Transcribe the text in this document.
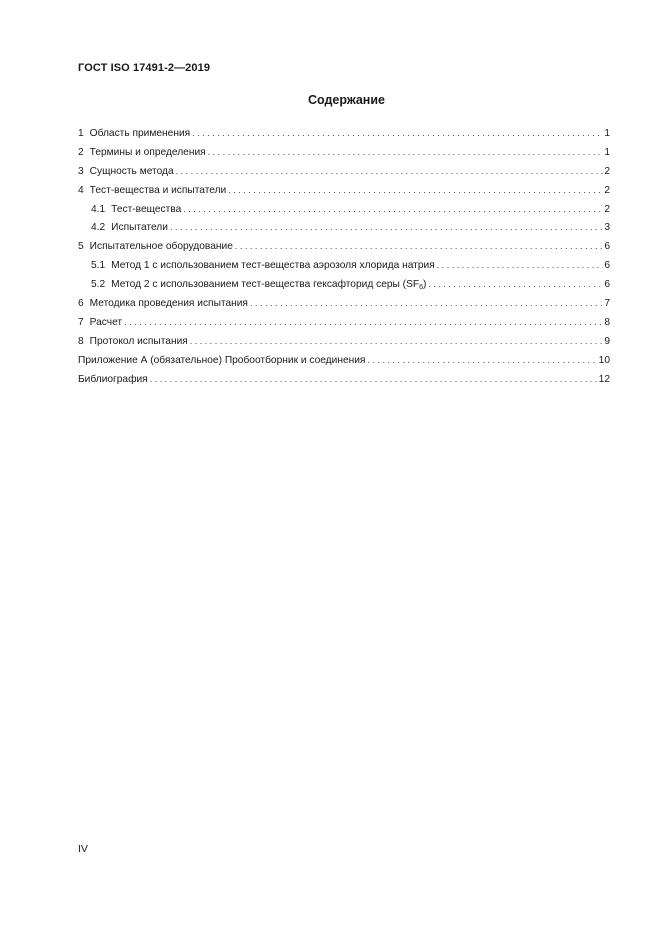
ГОСТ ISO 17491-2—2019
Содержание
1 Область применения . . .	1
2 Термины и определения . . .	1
3 Сущность метода . . .	2
4 Тест-вещества и испытатели . . .	2
4.1 Тест-вещества . . .	2
4.2 Испытатели . . .	3
5 Испытательное оборудование . . .	6
5.1 Метод 1 с использованием тест-вещества аэрозоля хлорида натрия . . .	6
5.2 Метод 2 с использованием тест-вещества гексафторид серы $(SF_6)$ . . .	6
6 Методика проведения испытания . . .	7
7 Расчет . . .	8
8 Протокол испытания . . .	9
Приложение А (обязательное) Пробоотборник и соединения . . .	10
Библиография . . .	12
IV
